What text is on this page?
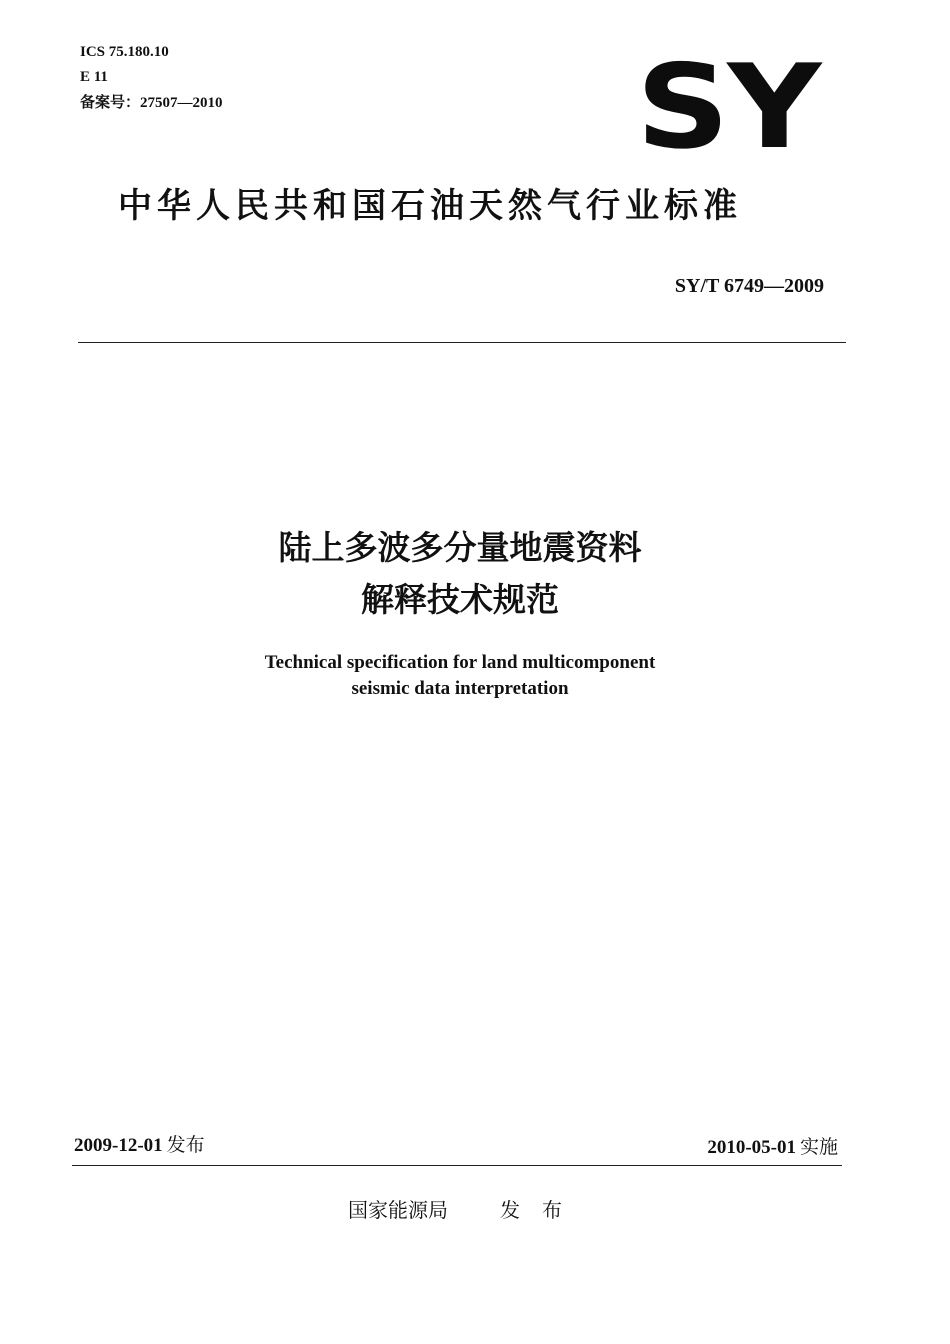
ICS 75.180.10
E 11
备案号：27507—2010	SY
中华人民共和国石油天然气行业标准
SY/T 6749—2009
陆上多波多分量地震资料
解释技术规范
Technical specification for land multicomponent
seismic data interpretation
2009-12-01 发布	2010-05-01 实施
国家能源局	发布
